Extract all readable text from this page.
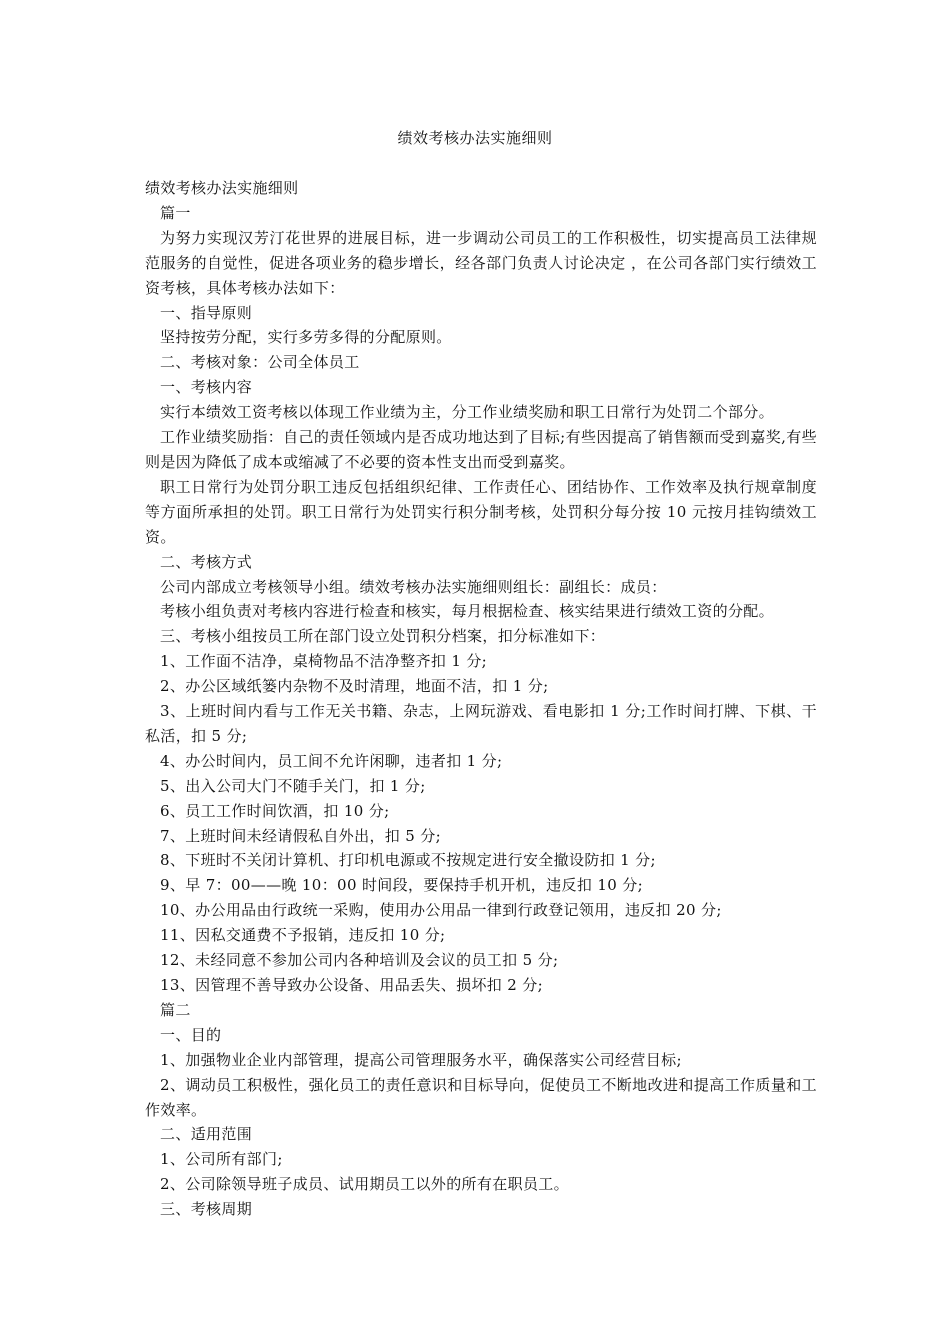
绩效考核办法实施细则

绩效考核办法实施细则

篇一

为努力实现汉芳汀花世界的进展目标，进一步调动公司员工的工作积极性，切实提高员工法律规范服务的自觉性，促进各项业务的稳步增长，经各部门负责人讨论决定 ，在公司各部门实行绩效工资考核，具体考核办法如下：

一、指导原则

坚持按劳分配，实行多劳多得的分配原则。

二、考核对象：公司全体员工

一、考核内容

实行本绩效工资考核以体现工作业绩为主，分工作业绩奖励和职工日常行为处罚二个部分。

工作业绩奖励指：自己的责任领域内是否成功地达到了目标;有些因提高了销售额而受到嘉奖,有些则是因为降低了成本或缩减了不必要的资本性支出而受到嘉奖。

职工日常行为处罚分职工违反包括组织纪律、工作责任心、团结协作、工作效率及执行规章制度等方面所承担的处罚。职工日常行为处罚实行积分制考核，处罚积分每分按 10 元按月挂钩绩效工资。

二、考核方式

公司内部成立考核领导小组。绩效考核办法实施细则组长：副组长：成员：

考核小组负责对考核内容进行检查和核实，每月根据检查、核实结果进行绩效工资的分配。

三、考核小组按员工所在部门设立处罚积分档案，扣分标准如下：

1、工作面不洁净，桌椅物品不洁净整齐扣 1 分;

2、办公区域纸篓内杂物不及时清理，地面不洁，扣 1 分;

3、上班时间内看与工作无关书籍、杂志，上网玩游戏、看电影扣 1 分;工作时间打牌、下棋、干私活，扣 5 分;

4、办公时间内，员工间不允许闲聊，违者扣 1 分;

5、出入公司大门不随手关门，扣 1 分;

6、员工工作时间饮酒，扣 10 分;

7、上班时间未经请假私自外出，扣 5 分;

8、下班时不关闭计算机、打印机电源或不按规定进行安全撤设防扣 1 分;

9、早 7：00——晚 10：00 时间段，要保持手机开机，违反扣 10 分;

10、办公用品由行政统一采购，使用办公用品一律到行政登记领用，违反扣 20 分;

11、因私交通费不予报销，违反扣 10 分;

12、未经同意不参加公司内各种培训及会议的员工扣 5 分;

13、因管理不善导致办公设备、用品丢失、损坏扣 2 分;

篇二

一、目的

1、加强物业企业内部管理，提高公司管理服务水平，确保落实公司经营目标;

2、调动员工积极性，强化员工的责任意识和目标导向，促使员工不断地改进和提高工作质量和工作效率。

二、适用范围

1、公司所有部门;

2、公司除领导班子成员、试用期员工以外的所有在职员工。

三、考核周期
